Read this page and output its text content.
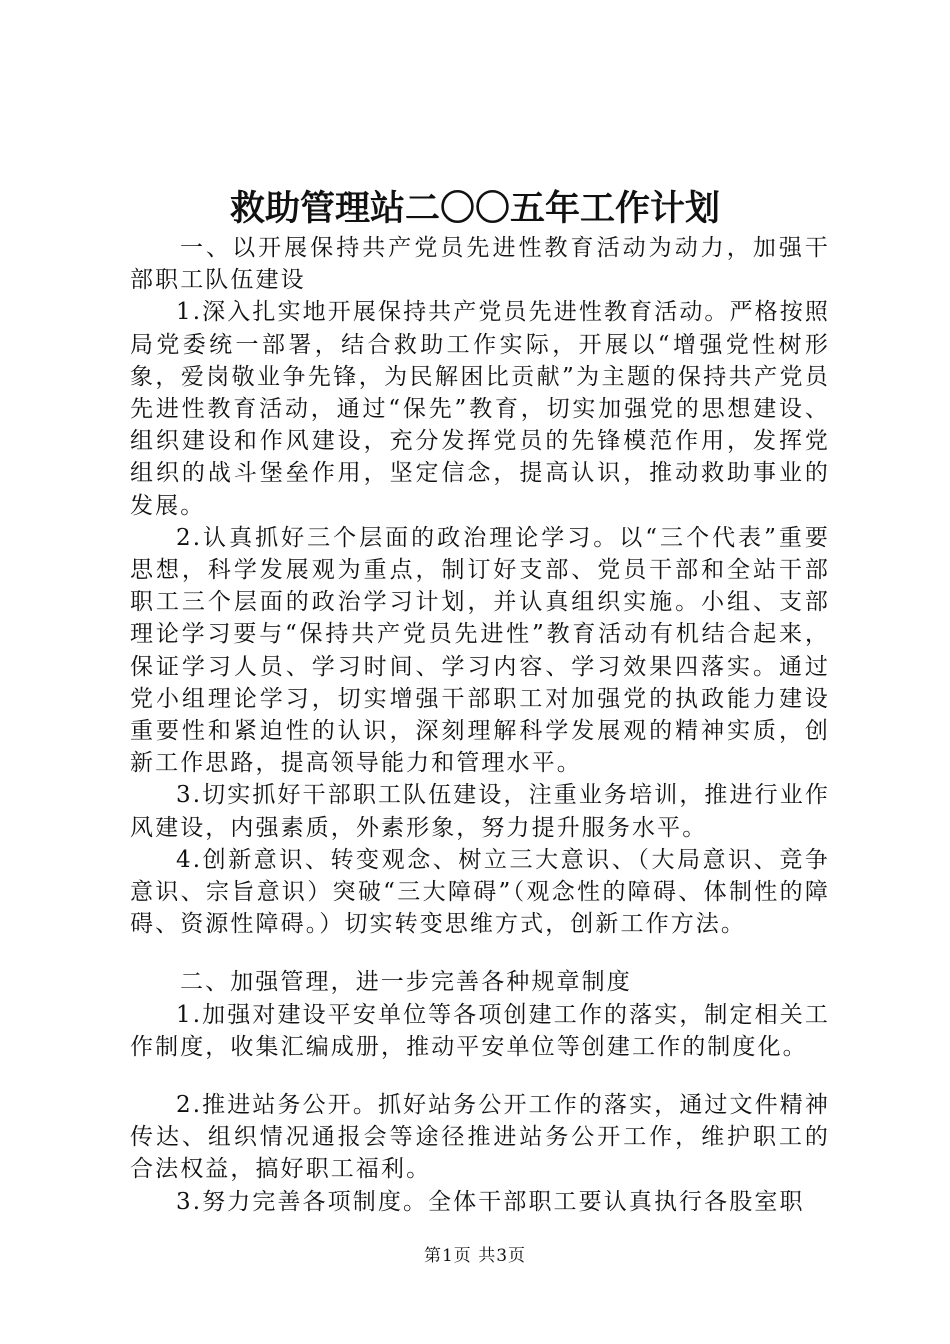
救助管理站二〇〇五年工作计划

一、以开展保持共产党员先进性教育活动为动力，加强干部职工队伍建设

1.深入扎实地开展保持共产党员先进性教育活动。严格按照局党委统一部署，结合救助工作实际，开展以“增强党性树形象，爱岗敬业争先锋，为民解困比贡献”为主题的保持共产党员先进性教育活动，通过“保先”教育，切实加强党的思想建设、组织建设和作风建设，充分发挥党员的先锋模范作用，发挥党组织的战斗堡垒作用，坚定信念，提高认识，推动救助事业的发展。

2.认真抓好三个层面的政治理论学习。以“三个代表”重要思想，科学发展观为重点，制订好支部、党员干部和全站干部职工三个层面的政治学习计划，并认真组织实施。小组、支部理论学习要与“保持共产党员先进性”教育活动有机结合起来，保证学习人员、学习时间、学习内容、学习效果四落实。通过党小组理论学习，切实增强干部职工对加强党的执政能力建设重要性和紧迫性的认识，深刻理解科学发展观的精神实质，创新工作思路，提高领导能力和管理水平。

3.切实抓好干部职工队伍建设，注重业务培训，推进行业作风建设，内强素质，外素形象，努力提升服务水平。

4.创新意识、转变观念、树立三大意识、（大局意识、竞争意识、宗旨意识）突破“三大障碍”（观念性的障碍、体制性的障碍、资源性障碍。）切实转变思维方式，创新工作方法。

二、加强管理，进一步完善各种规章制度

1.加强对建设平安单位等各项创建工作的落实，制定相关工作制度，收集汇编成册，推动平安单位等创建工作的制度化。

2.推进站务公开。抓好站务公开工作的落实，通过文件精神传达、组织情况通报会等途径推进站务公开工作，维护职工的合法权益，搞好职工福利。

3.努力完善各项制度。全体干部职工要认真执行各股室职

第1页 共3页
